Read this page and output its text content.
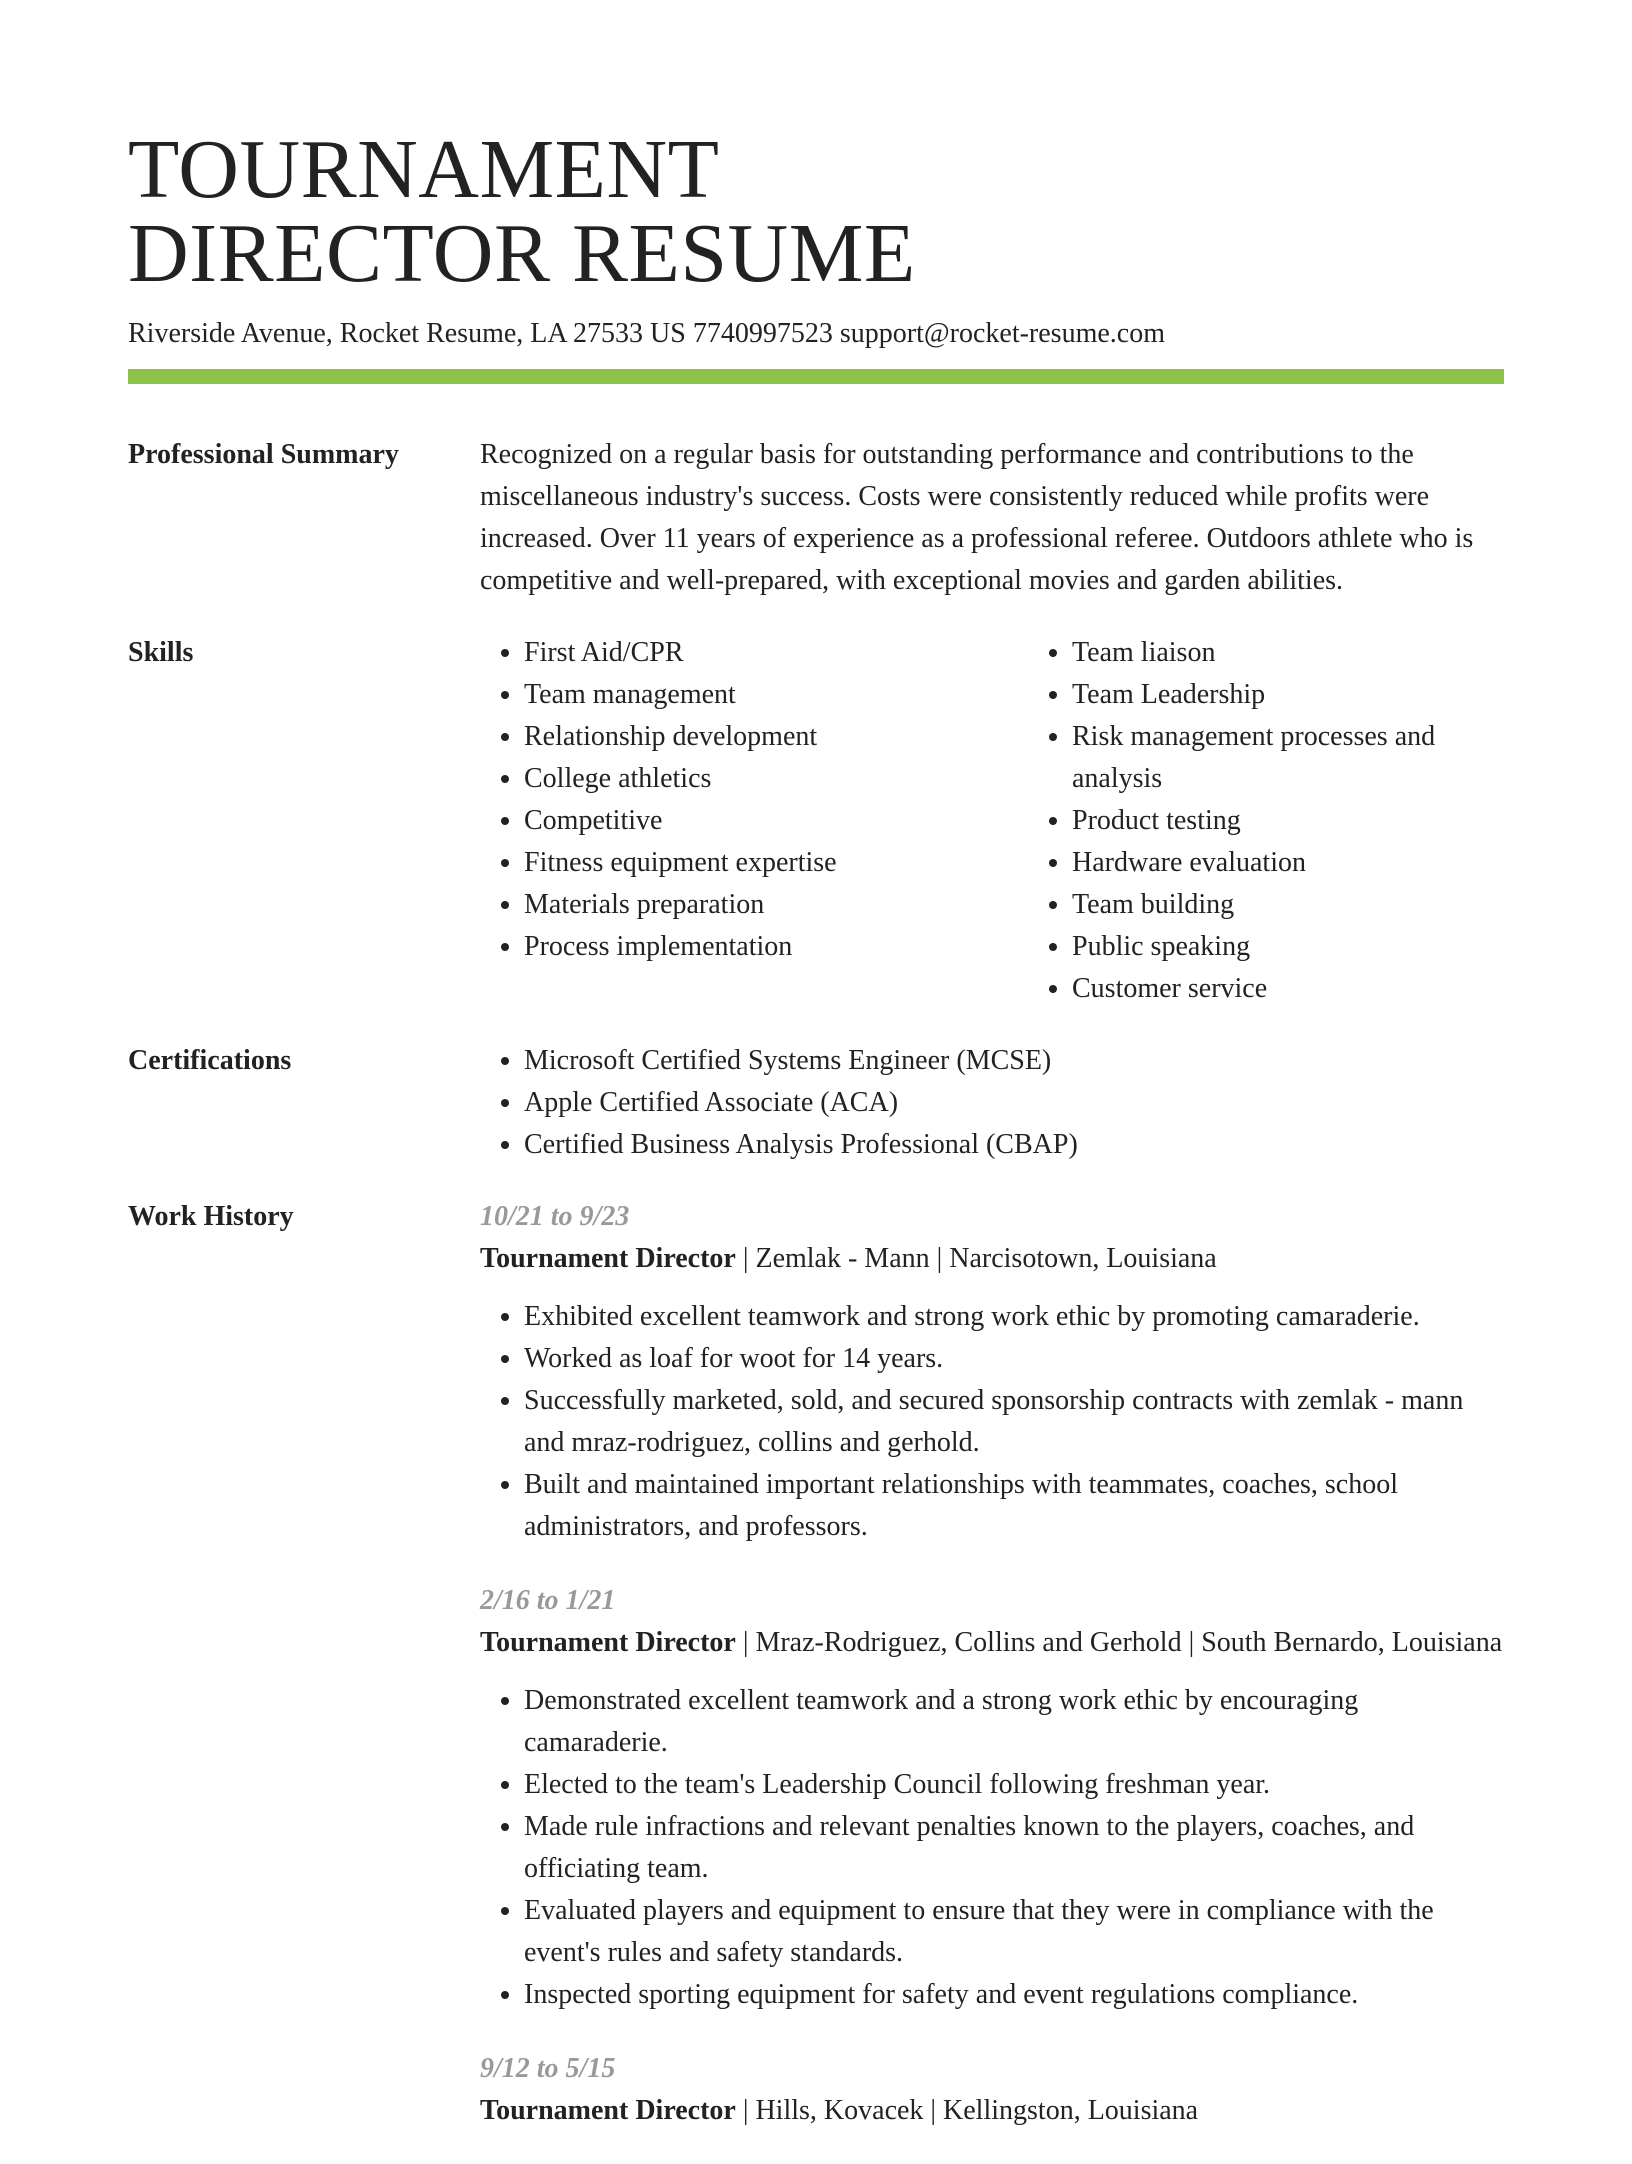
TOURNAMENT
DIRECTOR RESUME
Riverside Avenue, Rocket Resume, LA 27533 US 7740997523 support@rocket-resume.com
Professional Summary	Recognized on a regular basis for outstanding performance and contributions to the miscellaneous industry's success. Costs were consistently reduced while profits were increased. Over 11 years of experience as a professional referee. Outdoors athlete who is competitive and well-prepared, with exceptional movies and garden abilities.

Skills	• First Aid/CPR
• Team management
• Relationship development
• College athletics
• Competitive
• Fitness equipment expertise
• Materials preparation
• Process implementation
• Team liaison
• Team Leadership
• Risk management processes and analysis
• Product testing
• Hardware evaluation
• Team building
• Public speaking
• Customer service
Certifications	• Microsoft Certified Systems Engineer (MCSE)
• Apple Certified Associate (ACA)
• Certified Business Analysis Professional (CBAP)
Work History	10/21 to 9/23
Tournament Director | Zemlak - Mann | Narcisotown, Louisiana
• Exhibited excellent teamwork and strong work ethic by promoting camaraderie.
• Worked as loaf for woot for 14 years.
• Successfully marketed, sold, and secured sponsorship contracts with zemlak - mann and mraz-rodriguez, collins and gerhold.
• Built and maintained important relationships with teammates, coaches, school administrators, and professors.
2/16 to 1/21
Tournament Director | Mraz-Rodriguez, Collins and Gerhold | South Bernardo, Louisiana
• Demonstrated excellent teamwork and a strong work ethic by encouraging camaraderie.
• Elected to the team's Leadership Council following freshman year.
• Made rule infractions and relevant penalties known to the players, coaches, and officiating team.
• Evaluated players and equipment to ensure that they were in compliance with the event's rules and safety standards.
• Inspected sporting equipment for safety and event regulations compliance.
9/12 to 5/15
Tournament Director | Hills, Kovacek | Kellingston, Louisiana
